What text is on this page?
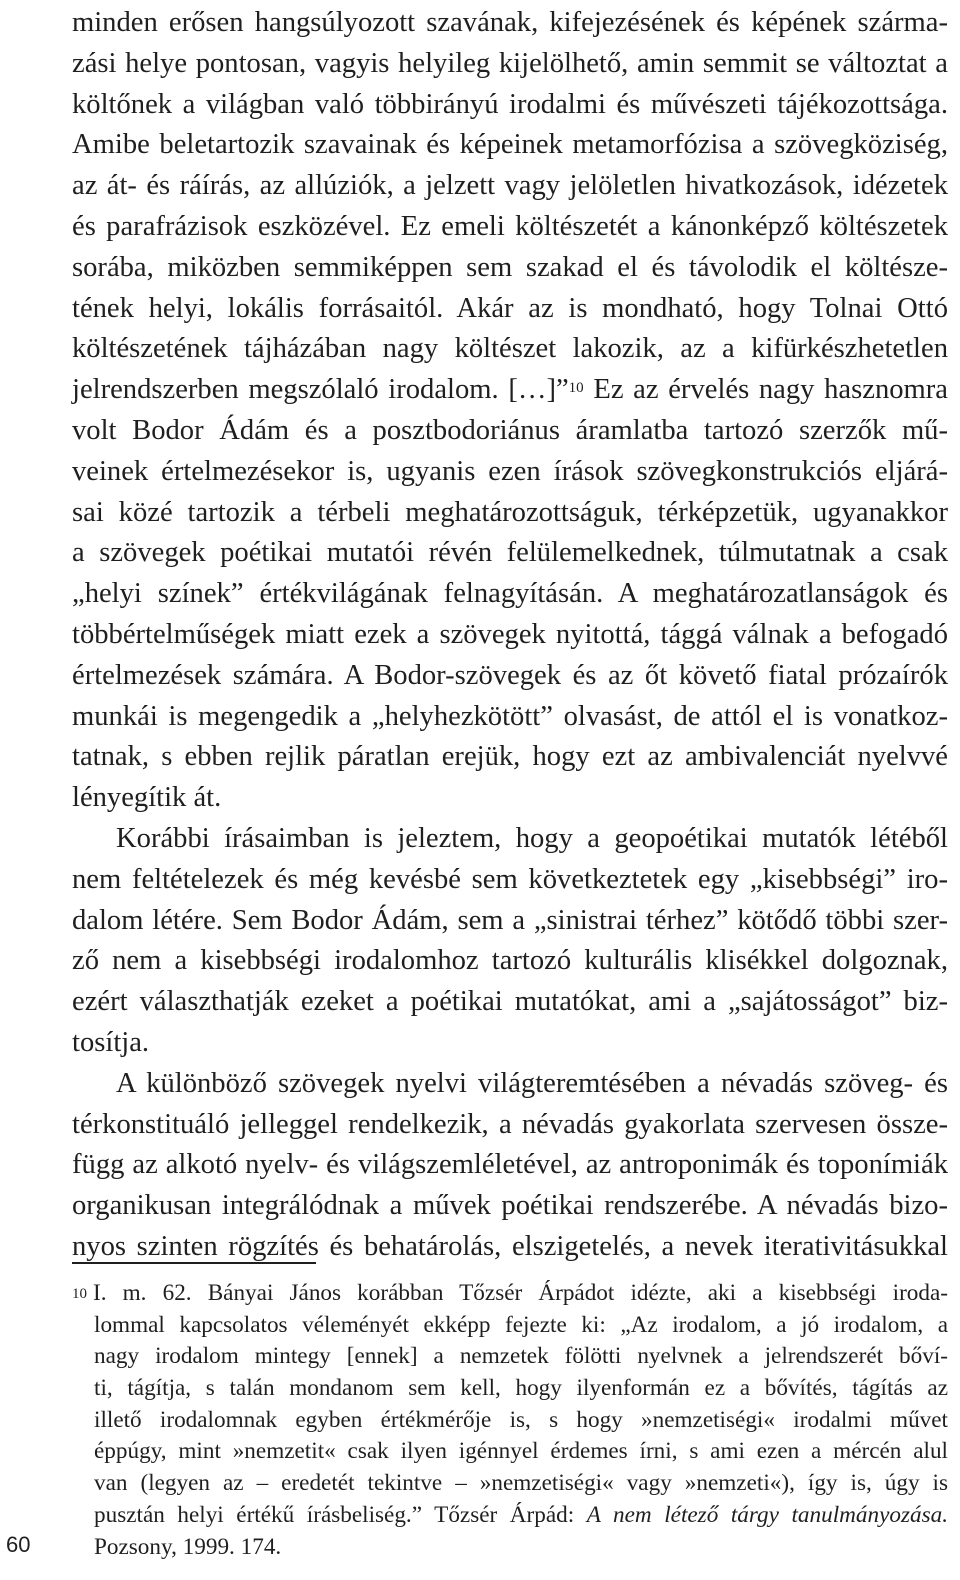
minden erősen hangsúlyozott szavának, kifejezésének és képének szárma-
zási helye pontosan, vagyis helyileg kijelölhető, amin semmit se változtat a
költőnek a világban való többirányú irodalmi és művészeti tájékozottsága.
Amibe beletartozik szavainak és képeinek metamorfózisa a szövegköziség,
az át- és ráírás, az allúziók, a jelzett vagy jelöletlen hivatkozások, idézetek
és parafrázisok eszközével. Ez emeli költészetét a kánonképző költészetek
sorába, miközben semmiképpen sem szakad el és távolodik el költésze-
tének helyi, lokális forrásaitól. Akár az is mondható, hogy Tolnai Ottó
költészetének tájházában nagy költészet lakozik, az a kifürkészhetetlen
jelrendszerben megszólaló irodalom. […]”$^{10}$ Ez az érvelés nagy hasznomra
volt Bodor Ádám és a posztbodoriánus áramlatba tartozó szerzők mű-
veinek értelmezésekor is, ugyanis ezen írások szövegkonstrukciós eljárá-
sai közé tartozik a térbeli meghatározottságuk, térképzetük, ugyanakkor
a szövegek poétikai mutatói révén felülemelkednek, túlmutatnak a csak
„helyi színek” értékvilágának felnagyításán. A meghatározatlanságok és
többértelműségek miatt ezek a szövegek nyitottá, tággá válnak a befogadó
értelmezések számára. A Bodor-szövegek és az őt követő fiatal prózaírók
munkái is megengedik a „helyhezkötött” olvasást, de attól el is vonatkoz-
tatnak, s ebben rejlik páratlan erejük, hogy ezt az ambivalenciát nyelvvé
lényegítik át.
Korábbi írásaimban is jeleztem, hogy a geopoétikai mutatók létéből
nem feltételezek és még kevésbé sem következtetek egy „kisebbségi” iro-
dalom létére. Sem Bodor Ádám, sem a „sinistrai térhez” kötődő többi szer-
ző nem a kisebbségi irodalomhoz tartozó kulturális klisékkel dolgoznak,
ezért választhatják ezeket a poétikai mutatókat, ami a „sajátosságot” biz-
tosítja.
A különböző szövegek nyelvi világteremtésében a névadás szöveg- és
térkonstituáló jelleggel rendelkezik, a névadás gyakorlata szervesen össze-
függ az alkotó nyelv- és világszemléletével, az antroponimák és toponímiák
organikusan integrálódnak a művek poétikai rendszerébe. A névadás bizo-
nyos szinten rögzítés és behatárolás, elszigetelés, a nevek iterativitásukkal
$^{10}$ I. m. 62. Bányai János korábban Tőzsér Árpádot idézte, aki a kisebbségi iroda-
lommal kapcsolatos véleményét ekképp fejezte ki: „Az irodalom, a jó irodalom, a
nagy irodalom mintegy [ennek] a nemzetek fölötti nyelvnek a jelrendszerét bőví-
ti, tágítja, s talán mondanom sem kell, hogy ilyenformán ez a bővítés, tágítás az
illető irodalomnak egyben értékmérője is, s hogy »nemzetiségi« irodalmi művet
éppúgy, mint »nemzetit« csak ilyen igénnyel érdemes írni, s ami ezen a mércén alul
van (legyen az – eredetét tekintve – »nemzetiségi« vagy »nemzeti«), így is, úgy is
pusztán helyi értékű írásbeliség.” Tőzsér Árpád: A nem létező tárgy tanulmányozása.
Pozsony, 1999. 174.
60
